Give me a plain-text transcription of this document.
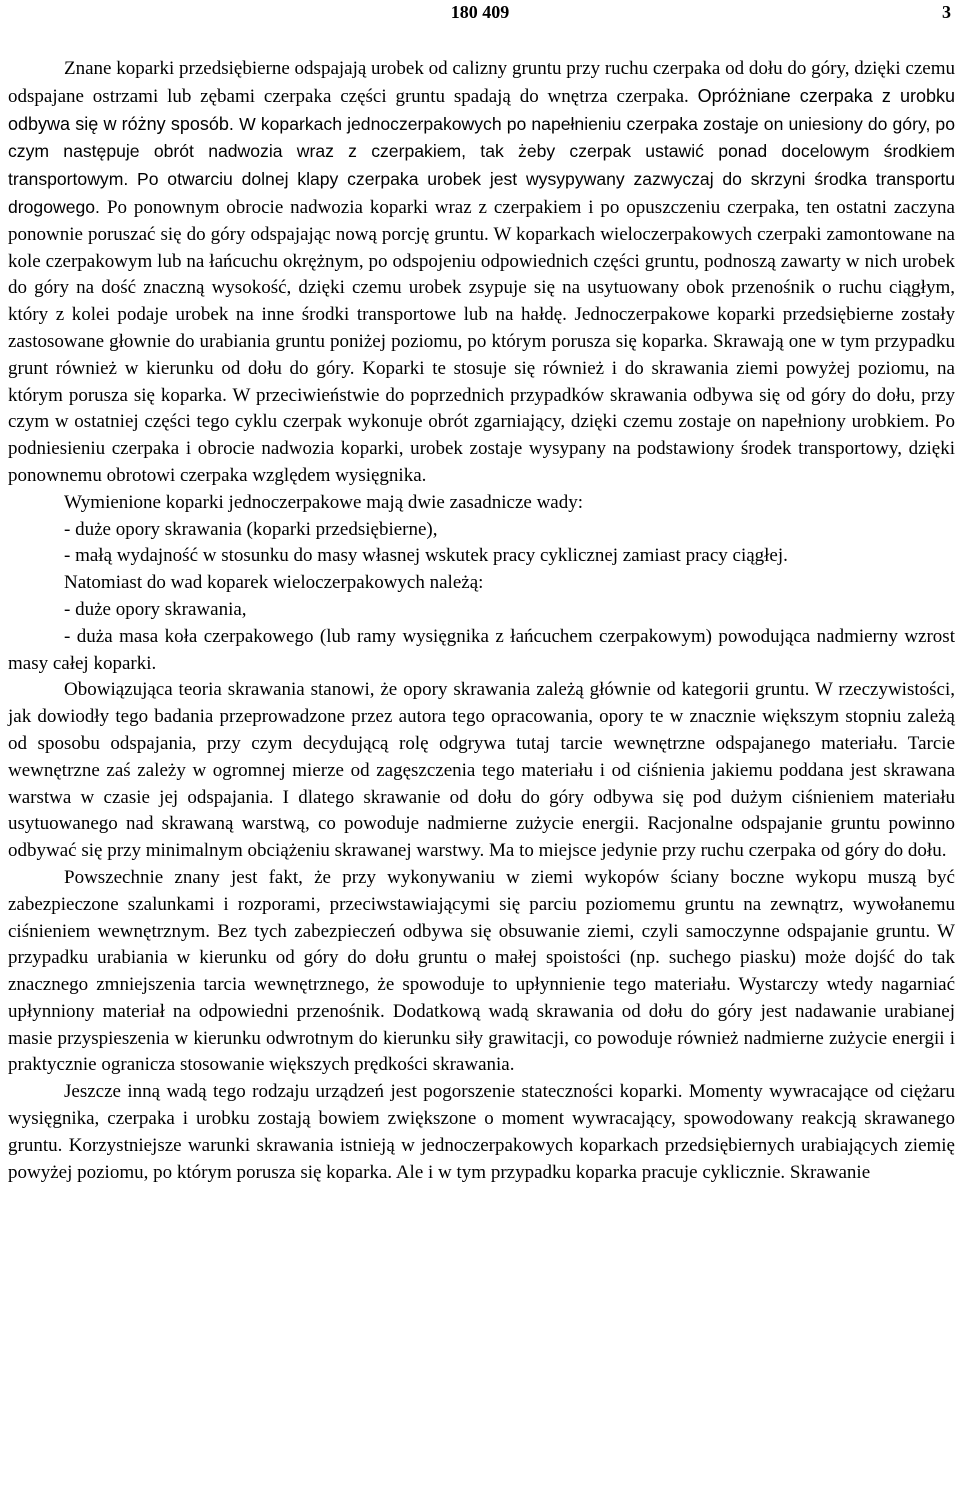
180 409	3

Znane koparki przedsiębierne odspajają urobek od calizny gruntu przy ruchu czerpaka od dołu do góry, dzięki czemu odspajane ostrzami lub zębami czerpaka części gruntu spadają do wnętrza czerpaka. Opróżniane czerpaka z urobku odbywa się w różny sposób. W koparkach jednoczerpakowych po napełnieniu czerpaka zostaje on uniesiony do góry, po czym następuje obrót nadwozia wraz z czerpakiem, tak żeby czerpak ustawić ponad docelowym środkiem transportowym. Po otwarciu dolnej klapy czerpaka urobek jest wysypywany zazwyczaj do skrzyni środka transportu drogowego. Po ponownym obrocie nadwozia koparki wraz z czerpakiem i po opuszczeniu czerpaka, ten ostatni zaczyna ponownie poruszać się do góry odspajając nową porcję gruntu. W koparkach wieloczerpakowych czerpaki zamontowane na kole czerpakowym lub na łańcuchu okrężnym, po odspojeniu odpowiednich części gruntu, podnoszą zawarty w nich urobek do góry na dość znaczną wysokość, dzięki czemu urobek zsypuje się na usytuowany obok przenośnik o ruchu ciągłym, który z kolei podaje urobek na inne środki transportowe lub na hałdę. Jednoczerpakowe koparki przedsiębierne zostały zastosowane głownie do urabiania gruntu poniżej poziomu, po którym porusza się koparka. Skrawają one w tym przypadku grunt również w kierunku od dołu do góry. Koparki te stosuje się również i do skrawania ziemi powyżej poziomu, na którym porusza się koparka. W przeciwieństwie do poprzednich przypadków skrawania odbywa się od góry do dołu, przy czym w ostatniej części tego cyklu czerpak wykonuje obrót zgarniający, dzięki czemu zostaje on napełniony urobkiem. Po podniesieniu czerpaka i obrocie nadwozia koparki, urobek zostaje wysypany na podstawiony środek transportowy, dzięki ponownemu obrotowi czerpaka względem wysięgnika.

Wymienione koparki jednoczerpakowe mają dwie zasadnicze wady:

- duże opory skrawania (koparki przedsiębierne),

- małą wydajność w stosunku do masy własnej wskutek pracy cyklicznej zamiast pracy ciągłej.

Natomiast do wad koparek wieloczerpakowych należą:

- duże opory skrawania,

- duża masa koła czerpakowego (lub ramy wysięgnika z łańcuchem czerpakowym) powodująca nadmierny wzrost masy całej koparki.

Obowiązująca teoria skrawania stanowi, że opory skrawania zależą głównie od kategorii gruntu. W rzeczywistości, jak dowiodły tego badania przeprowadzone przez autora tego opracowania, opory te w znacznie większym stopniu zależą od sposobu odspajania, przy czym decydującą rolę odgrywa tutaj tarcie wewnętrzne odspajanego materiału. Tarcie wewnętrzne zaś zależy w ogromnej mierze od zagęszczenia tego materiału i od ciśnienia jakiemu poddana jest skrawana warstwa w czasie jej odspajania. I dlatego skrawanie od dołu do góry odbywa się pod dużym ciśnieniem materiału usytuowanego nad skrawaną warstwą, co powoduje nadmierne zużycie energii. Racjonalne odspajanie gruntu powinno odbywać się przy minimalnym obciążeniu skrawanej warstwy. Ma to miejsce jedynie przy ruchu czerpaka od góry do dołu.

Powszechnie znany jest fakt, że przy wykonywaniu w ziemi wykopów ściany boczne wykopu muszą być zabezpieczone szalunkami i rozporami, przeciwstawiającymi się parciu poziomemu gruntu na zewnątrz, wywołanemu ciśnieniem wewnętrznym. Bez tych zabezpieczeń odbywa się obsuwanie ziemi, czyli samoczynne odspajanie gruntu. W przypadku urabiania w kierunku od góry do dołu gruntu o małej spoistości (np. suchego piasku) może dojść do tak znacznego zmniejszenia tarcia wewnętrznego, że spowoduje to upłynnienie tego materiału. Wystarczy wtedy nagarniać upłynniony materiał na odpowiedni przenośnik. Dodatkową wadą skrawania od dołu do góry jest nadawanie urabianej masie przyspieszenia w kierunku odwrotnym do kierunku siły grawitacji, co powoduje również nadmierne zużycie energii i praktycznie ogranicza stosowanie większych prędkości skrawania.

Jeszcze inną wadą tego rodzaju urządzeń jest pogorszenie stateczności koparki. Momenty wywracające od ciężaru wysięgnika, czerpaka i urobku zostają bowiem zwiększone o moment wywracający, spowodowany reakcją skrawanego gruntu. Korzystniejsze warunki skrawania istnieją w jednoczerpakowych koparkach przedsiębiernych urabiających ziemię powyżej poziomu, po którym porusza się koparka. Ale i w tym przypadku koparka pracuje cyklicznie. Skrawanie
